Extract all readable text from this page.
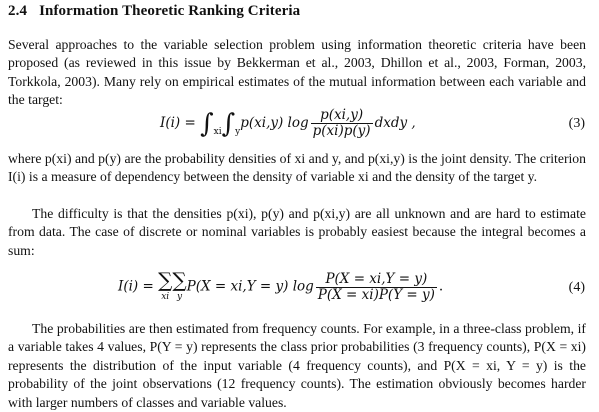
2.4 Information Theoretic Ranking Criteria

Several approaches to the variable selection problem using information theoretic criteria have been proposed (as reviewed in this issue by Bekkerman et al., 2003, Dhillon et al., 2003, Forman, 2003, Torkkola, 2003). Many rely on empirical estimates of the mutual information between each variable and the target:

$I(i) = \int_{xi}\int_yp(xi,y)$ $\log \frac{p(xi,y)}{p(xi)p(y)}$ dxdy ,	(3)

where p(xi) and p(y) are the probability densities of xi and y, and p(xi,y) is the joint density. The criterion I(i) is a measure of dependency between the density of variable xi and the density of the target y.

The difficulty is that the densities p(xi), p(y) and p(xi,y) are all unknown and are hard to estimate from data. The case of discrete or nominal variables is probably easiest because the integral becomes a sum:

I(i) = ∑
xi
∑
y
P(X = xi,Y = y) $\log \frac{P(X = xi,Y = y)}{P(X = xi)P(Y = y)}$ .	(4)

The probabilities are then estimated from frequency counts. For example, in a three-class problem, if a variable takes 4 values, P(Y = y) represents the class prior probabilities (3 frequency counts), P(X = xi) represents the distribution of the input variable (4 frequency counts), and P(X = xi, Y = y) is the probability of the joint observations (12 frequency counts). The estimation obviously becomes harder with larger numbers of classes and variable values.
